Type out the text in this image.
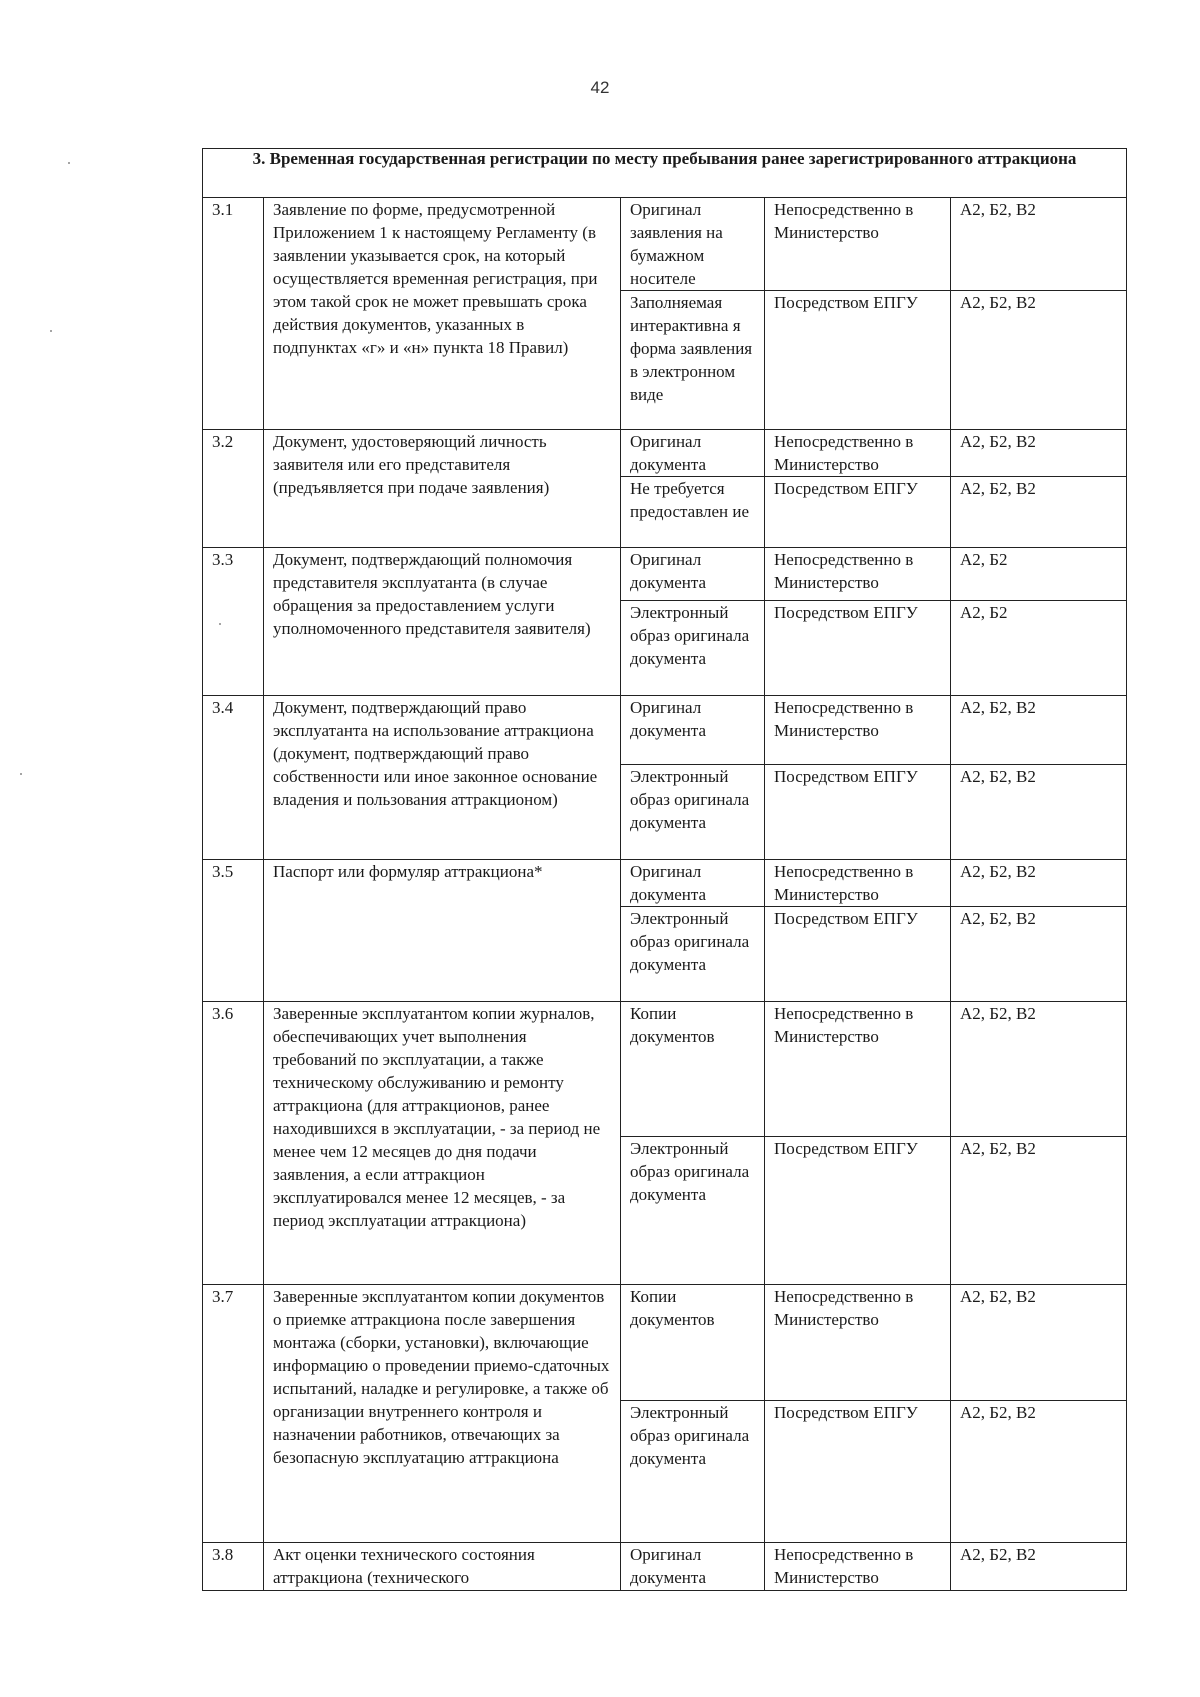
42
3. Временная государственная регистрации по месту пребывания ранее зарегистрированного аттракциона				
3.1	Заявление по форме, предусмотренной Приложением 1 к настоящему Регламенту (в заявлении указывается срок, на который осуществляется временная регистрация, при этом такой срок не может превышать срока действия документов, указанных в подпунктах «г» и «н» пункта 18 Правил)	Оригинал заявления на бумажном носителе	Непосредственно в Министерство	А2, Б2, В2
		Заполняемая интерактивна я форма заявления в электронном виде	Посредством ЕПГУ	А2, Б2, В2
3.2	Документ, удостоверяющий личность заявителя или его представителя (предъявляется при подаче заявления)	Оригинал документа	Непосредственно в Министерство	А2, Б2, В2
		Не требуется предоставлен ие	Посредством ЕПГУ	А2, Б2, В2
3.3	Документ, подтверждающий полномочия представителя эксплуатанта (в случае обращения за предоставлением услуги уполномоченного представителя заявителя)	Оригинал документа	Непосредственно в Министерство	А2, Б2
		Электронный образ оригинала документа	Посредством ЕПГУ	А2, Б2
3.4	Документ, подтверждающий право эксплуатанта на использование аттракциона (документ, подтверждающий право собственности или иное законное основание владения и пользования аттракционом)	Оригинал документа	Непосредственно в Министерство	А2, Б2, В2
		Электронный образ оригинала документа	Посредством ЕПГУ	А2, Б2, В2
3.5	Паспорт или формуляр аттракциона*	Оригинал документа	Непосредственно в Министерство	А2, Б2, В2
		Электронный образ оригинала документа	Посредством ЕПГУ	А2, Б2, В2
3.6	Заверенные эксплуатантом копии журналов, обеспечивающих учет выполнения требований по эксплуатации, а также техническому обслуживанию и ремонту аттракциона (для аттракционов, ранее находившихся в эксплуатации, - за период не менее чем 12 месяцев до дня подачи заявления, а если аттракцион эксплуатировался менее 12 месяцев, - за период эксплуатации аттракциона)	Копии документов	Непосредственно в Министерство	А2, Б2, В2
		Электронный образ оригинала документа	Посредством ЕПГУ	А2, Б2, В2
3.7	Заверенные эксплуатантом копии документов о приемке аттракциона после завершения монтажа (сборки, установки), включающие информацию о проведении приемо-сдаточных испытаний, наладке и регулировке, а также об организации внутреннего контроля и назначении работников, отвечающих за безопасную эксплуатацию аттракциона	Копии документов	Непосредственно в Министерство	А2, Б2, В2
		Электронный образ оригинала документа	Посредством ЕПГУ	А2, Б2, В2
3.8	Акт оценки технического состояния аттракциона (технического	Оригинал документа	Непосредственно в Министерство	А2, Б2, В2
